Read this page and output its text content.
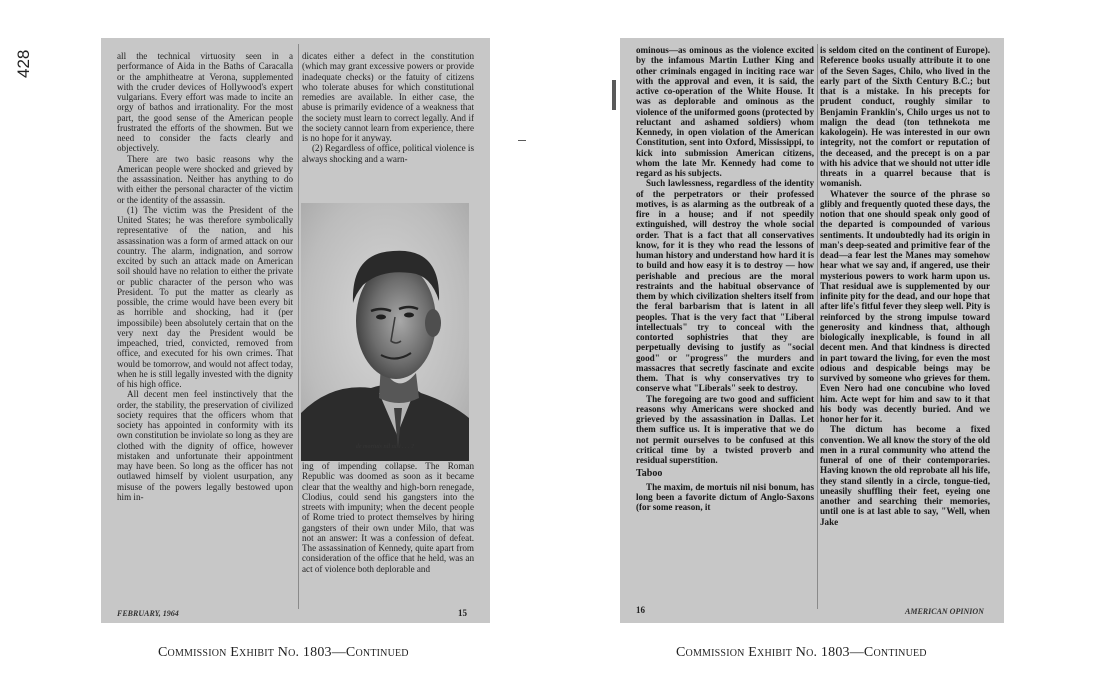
428	all the technical virtuosity seen in a performance of Aida in the Baths of Caracalla or the amphitheatre at Verona, supplemented with the cruder devices of Hollywood's expert vulgarians. Every effort was made to incite an orgy of bathos and irrationality. For the most part, the good sense of the American people frustrated the efforts of the showmen. But we need to consider the facts clearly and objectively.

There are two basic reasons why the American people were shocked and grieved by the assassination. Neither has anything to do with either the personal character of the victim or the identity of the assassin.

(1) The victim was the President of the United States; he was therefore symbolically representative of the nation, and his assassination was a form of armed attack on our country. The alarm, indignation, and sorrow excited by such an attack made on American soil should have no relation to either the private or public character of the person who was President. To put the matter as clearly as possible, the crime would have been every bit as horrible and shocking, had it (per impossibile) been absolutely certain that on the very next day the President would be impeached, tried, convicted, removed from office, and executed for his own crimes. That would be tomorrow, and would not affect today, when he is still legally invested with the dignity of his high office.

All decent men feel instinctively that the order, the stability, the preservation of civilized society requires that the officers whom that society has appointed in conformity with its own constitution be inviolate so long as they are clothed with the dignity of office, however mistaken and unfortunate their appointment may have been. So long as the officer has not outlawed himself by violent usurpation, any misuse of the powers legally bestowed upon him in-

dicates either a defect in the constitution (which may grant excessive powers or provide inadequate checks) or the fatuity of citizens who tolerate abuses for which constitutional remedies are available. In either case, the abuse is primarily evidence of a weakness that the society must learn to correct legally. And if the society cannot learn from experience, there is no hope for it anyway.

(2) Regardless of office, political violence is always shocking and a warn-

de mortuis nil nisi . . . ?

ing of impending collapse. The Roman Republic was doomed as soon as it became clear that the wealthy and high-born renegade, Clodius, could send his gangsters into the streets with impunity; when the decent people of Rome tried to protect themselves by hiring gangsters of their own under Milo, that was not an answer: It was a confession of defeat. The assassination of Kennedy, quite apart from consideration of the office that he held, was an act of violence both deplorable and

FEBRUARY, 1964	15

ominous—as ominous as the violence excited by the infamous Martin Luther King and other criminals engaged in inciting race war with the approval and even, it is said, the active co-operation of the White House. It was as deplorable and ominous as the violence of the uniformed goons (protected by reluctant and ashamed soldiers) whom Kennedy, in open violation of the American Constitution, sent into Oxford, Mississippi, to kick into submission American citizens, whom the late Mr. Kennedy had come to regard as his subjects.

Such lawlessness, regardless of the identity of the perpetrators or their professed motives, is as alarming as the outbreak of a fire in a house; and if not speedily extinguished, will destroy the whole social order. That is a fact that all conservatives know, for it is they who read the lessons of human history and understand how hard it is to build and how easy it is to destroy — how perishable and precious are the moral restraints and the habitual observance of them by which civilization shelters itself from the feral barbarism that is latent in all peoples. That is the very fact that "Liberal intellectuals" try to conceal with the contorted sophistries that they are perpetually devising to justify as "social good" or "progress" the murders and massacres that secretly fascinate and excite them. That is why conservatives try to conserve what "Liberals" seek to destroy.

The foregoing are two good and sufficient reasons why Americans were shocked and grieved by the assassination in Dallas. Let them suffice us. It is imperative that we do not permit ourselves to be confused at this critical time by a twisted proverb and residual superstition.

Taboo

The maxim, de mortuis nil nisi bonum, has long been a favorite dictum of Anglo-Saxons (for some reason, it

is seldom cited on the continent of Europe). Reference books usually attribute it to one of the Seven Sages, Chilo, who lived in the early part of the Sixth Century B.C.; but that is a mistake. In his precepts for prudent conduct, roughly similar to Benjamin Franklin's, Chilo urges us not to malign the dead (ton tethnekota me kakologein). He was interested in our own integrity, not the comfort or reputation of the deceased, and the precept is on a par with his advice that we should not utter idle threats in a quarrel because that is womanish.

Whatever the source of the phrase so glibly and frequently quoted these days, the notion that one should speak only good of the departed is compounded of various sentiments. It undoubtedly had its origin in man's deep-seated and primitive fear of the dead—a fear lest the Manes may somehow hear what we say and, if angered, use their mysterious powers to work harm upon us. That residual awe is supplemented by our infinite pity for the dead, and our hope that after life's fitful fever they sleep well. Pity is reinforced by the strong impulse toward generosity and kindness that, although biologically inexplicable, is found in all decent men. And that kindness is directed in part toward the living, for even the most odious and despicable beings may be survived by someone who grieves for them. Even Nero had one concubine who loved him. Acte wept for him and saw to it that his body was decently buried. And we honor her for it.

The dictum has become a fixed convention. We all know the story of the old men in a rural community who attend the funeral of one of their contemporaries. Having known the old reprobate all his life, they stand silently in a circle, tongue-tied, uneasily shuffling their feet, eyeing one another and searching their memories, until one is at last able to say, "Well, when Jake

16	AMERICAN OPINION
Commission Exhibit No. 1803—Continued	Commission Exhibit No. 1803—Continued
